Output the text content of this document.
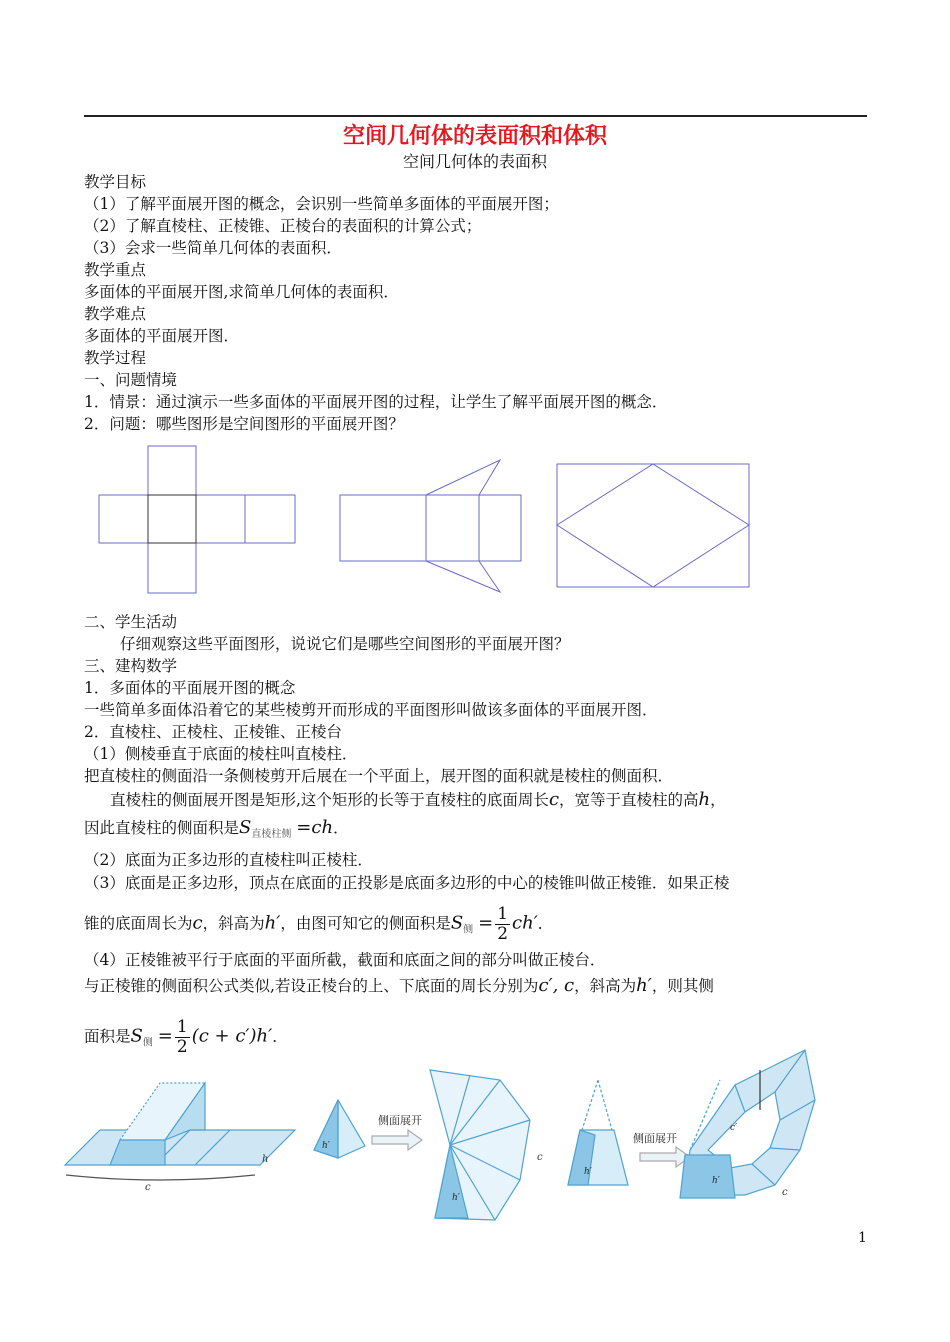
空间几何体的表面积和体积
空间几何体的表面积
教学目标
（1）了解平面展开图的概念，会识别一些简单多面体的平面展开图；
（2）了解直棱柱、正棱锥、正棱台的表面积的计算公式；
（3）会求一些简单几何体的表面积．
教学重点
多面体的平面展开图,求简单几何体的表面积．
教学难点
多面体的平面展开图．
教学过程
一、问题情境
1．情景：通过演示一些多面体的平面展开图的过程，让学生了解平面展开图的概念．
2．问题：哪些图形是空间图形的平面展开图？
二、学生活动
仔细观察这些平面图形，说说它们是哪些空间图形的平面展开图？
三、建构数学
1．多面体的平面展开图的概念
一些简单多面体沿着它的某些棱剪开而形成的平面图形叫做该多面体的平面展开图．
2．直棱柱、正棱柱、正棱锥、正棱台
（1）侧棱垂直于底面的棱柱叫直棱柱．
把直棱柱的侧面沿一条侧棱剪开后展在一个平面上，展开图的面积就是棱柱的侧面积．
直棱柱的侧面展开图是矩形,这个矩形的长等于直棱柱的底面周长c，宽等于直棱柱的高h，
因此直棱柱的侧面积是$S_{直棱柱侧} =ch$．
（2）底面为正多边形的直棱柱叫正棱柱．
（3）底面是正多边形，顶点在底面的正投影是底面多边形的中心的棱锥叫做正棱锥．如果正棱
锥的底面周长为c，斜高为h′，由图可知它的侧面积是$S_侧 = \frac{1}{2} ch'$．
（4）正棱锥被平行于底面的平面所截，截面和底面之间的部分叫做正棱台．
与正棱锥的侧面积公式类似,若设正棱台的上、下底面的周长分别为c′, c，斜高为h′，则其侧
面积是$S_侧 = \frac{1}{2} (c + c')h'$．
c
h
h′
侧面展开
h′
c
h′
侧面展开
c′
h′
c
1
